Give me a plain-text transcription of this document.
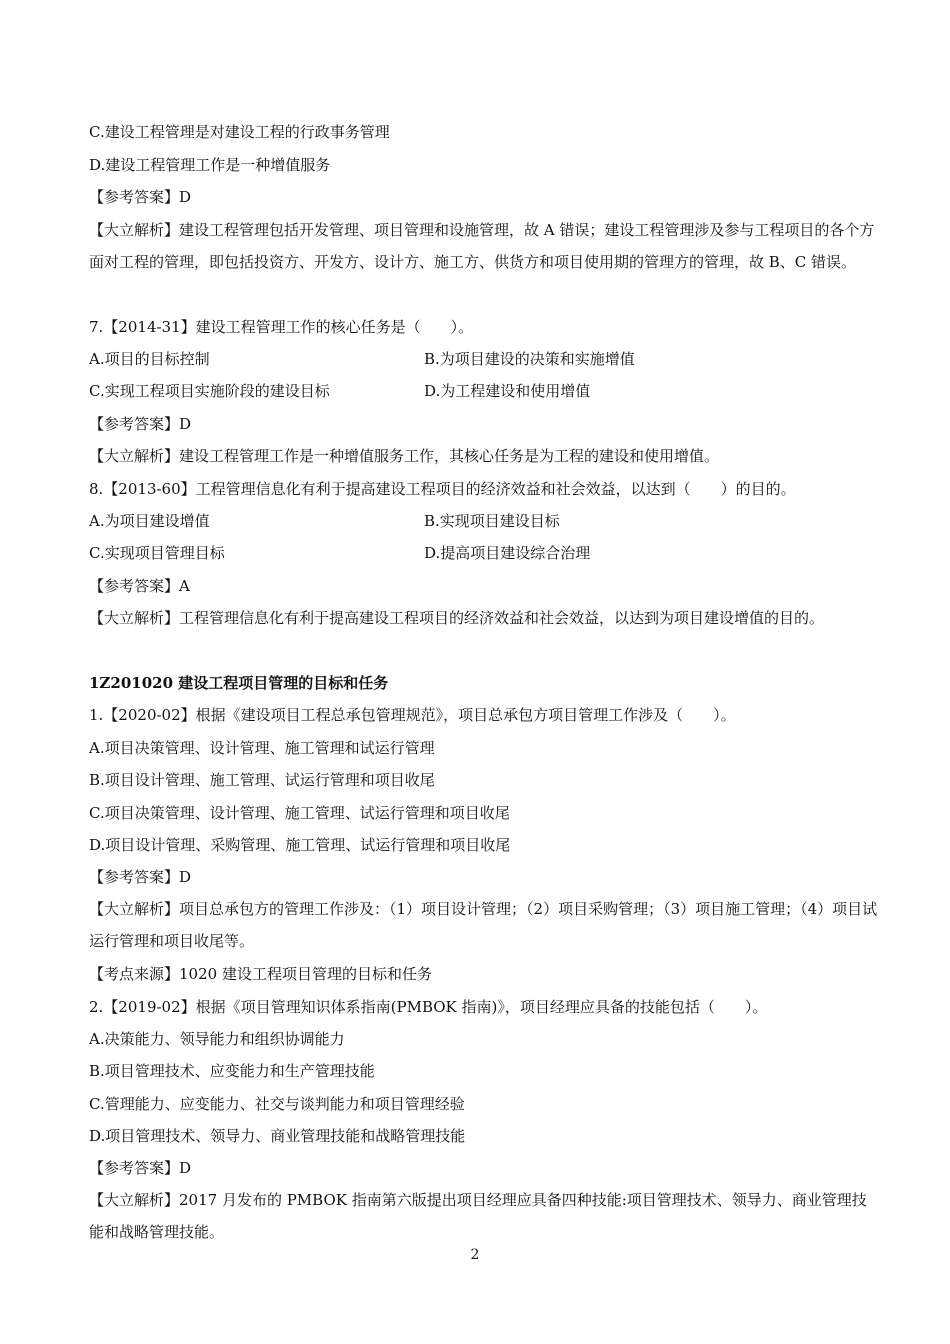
C.建设工程管理是对建设工程的行政事务管理
D.建设工程管理工作是一种增值服务
【参考答案】D
【大立解析】建设工程管理包括开发管理、项目管理和设施管理，故 A 错误；建设工程管理涉及参与工程项目的各个方面对工程的管理，即包括投资方、开发方、设计方、施工方、供货方和项目使用期的管理方的管理，故 B、C 错误。
7.【2014-31】建设工程管理工作的核心任务是（　　）。
A.项目的目标控制	B.为项目建设的决策和实施增值
C.实现工程项目实施阶段的建设目标	D.为工程建设和使用增值
【参考答案】D
【大立解析】建设工程管理工作是一种增值服务工作，其核心任务是为工程的建设和使用增值。
8.【2013-60】工程管理信息化有利于提高建设工程项目的经济效益和社会效益，以达到（　　）的目的。
A.为项目建设增值	B.实现项目建设目标
C.实现项目管理目标	D.提高项目建设综合治理
【参考答案】A
【大立解析】工程管理信息化有利于提高建设工程项目的经济效益和社会效益，以达到为项目建设增值的目的。
1Z201020 建设工程项目管理的目标和任务
1.【2020-02】根据《建设项目工程总承包管理规范》，项目总承包方项目管理工作涉及（　　）。
A.项目决策管理、设计管理、施工管理和试运行管理
B.项目设计管理、施工管理、试运行管理和项目收尾
C.项目决策管理、设计管理、施工管理、试运行管理和项目收尾
D.项目设计管理、采购管理、施工管理、试运行管理和项目收尾
【参考答案】D
【大立解析】项目总承包方的管理工作涉及：（1）项目设计管理；（2）项目采购管理；（3）项目施工管理；（4）项目试运行管理和项目收尾等。
【考点来源】1020 建设工程项目管理的目标和任务
2.【2019-02】根据《项目管理知识体系指南(PMBOK 指南)》，项目经理应具备的技能包括（　　）。
A.决策能力、领导能力和组织协调能力
B.项目管理技术、应变能力和生产管理技能
C.管理能力、应变能力、社交与谈判能力和项目管理经验
D.项目管理技术、领导力、商业管理技能和战略管理技能
【参考答案】D
【大立解析】2017 月发布的 PMBOK 指南第六版提出项目经理应具备四种技能:项目管理技术、领导力、商业管理技能和战略管理技能。
2
